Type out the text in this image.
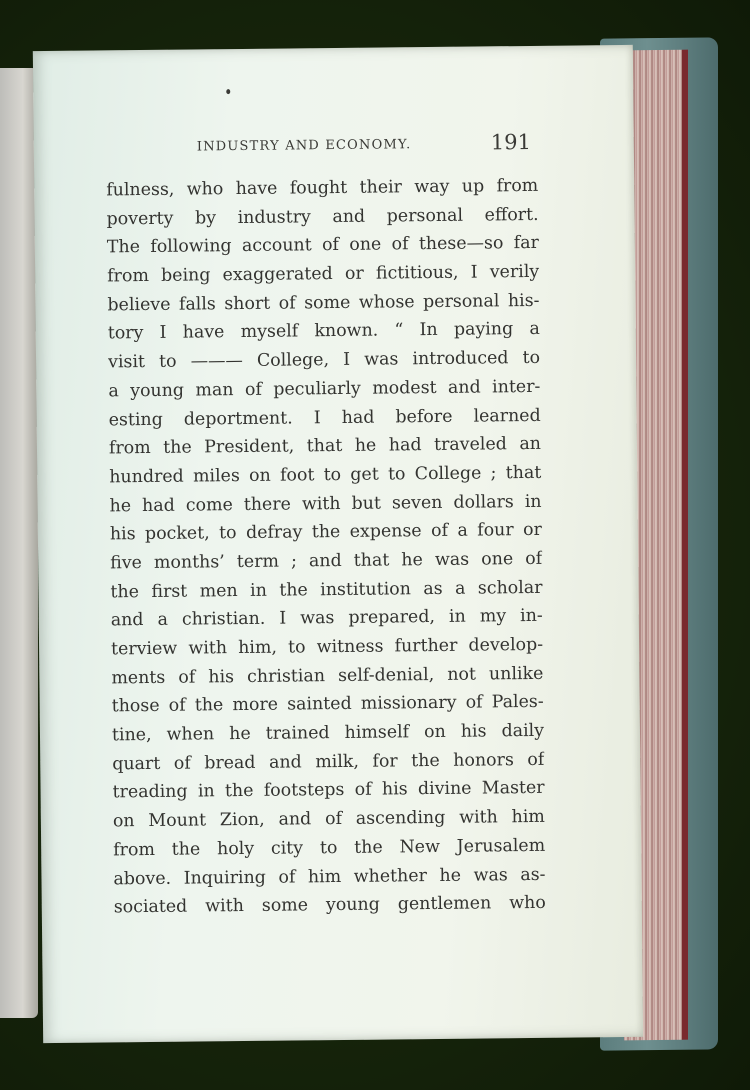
INDUSTRY AND ECONOMY.	191
fulness, who have fought their way up from
poverty by industry and personal effort.
The following account of one of these—so far
from being exaggerated or fictitious, I verily
believe falls short of some whose personal his-
tory I have myself known. “ In paying a
visit to ——— College, I was introduced to
a young man of peculiarly modest and inter-
esting deportment. I had before learned
from the President, that he had traveled an
hundred miles on foot to get to College ; that
he had come there with but seven dollars in
his pocket, to defray the expense of a four or
five months’ term ; and that he was one of
the first men in the institution as a scholar
and a christian. I was prepared, in my in-
terview with him, to witness further develop-
ments of his christian self-denial, not unlike
those of the more sainted missionary of Pales-
tine, when he trained himself on his daily
quart of bread and milk, for the honors of
treading in the footsteps of his divine Master
on Mount Zion, and of ascending with him
from the holy city to the New Jerusalem
above. Inquiring of him whether he was as-
sociated with some young gentlemen who
